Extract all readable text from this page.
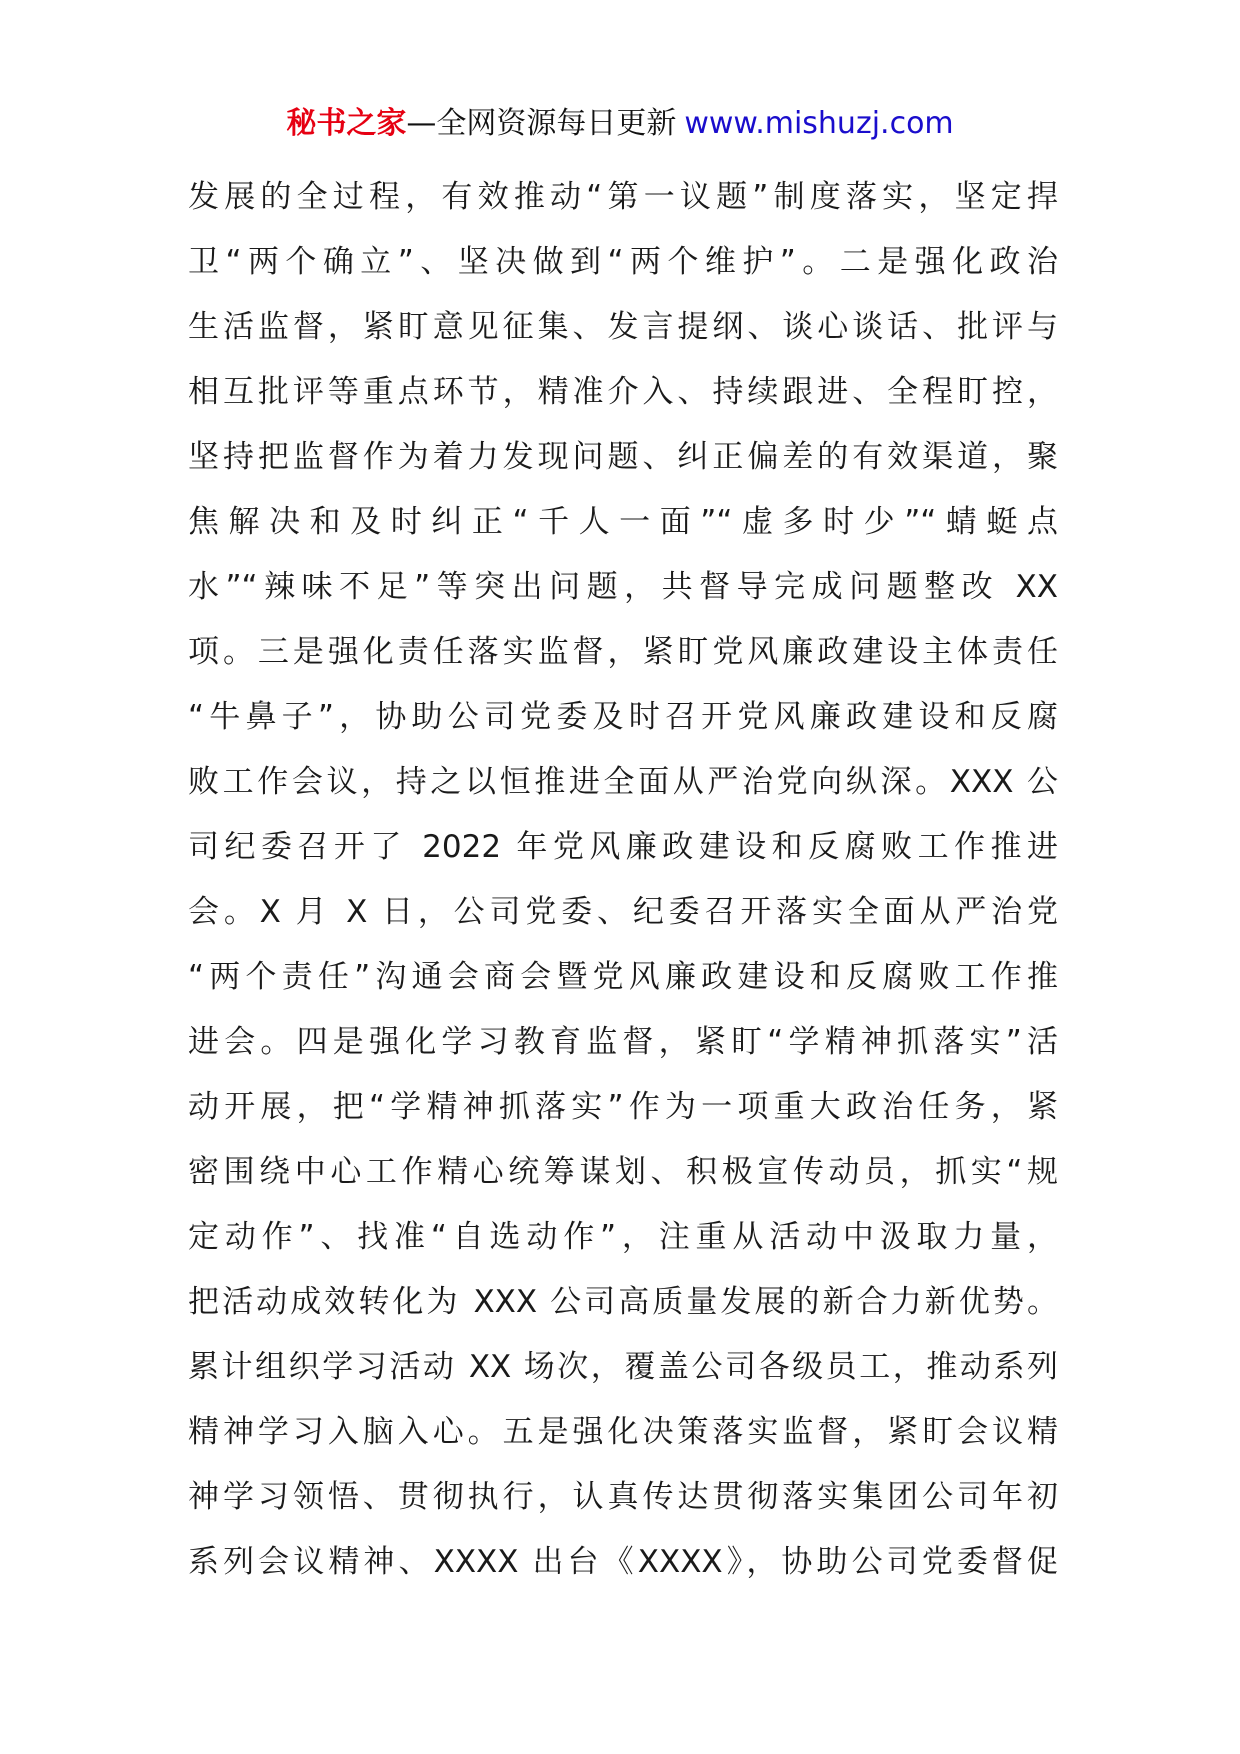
秘书之家—全网资源每日更新 www.mishuzj.com
发展的全过程，有效推动“第一议题”制度落实，坚定捍
卫“两个确立”、坚决做到“两个维护”。二是强化政治
生活监督，紧盯意见征集、发言提纲、谈心谈话、批评与
相互批评等重点环节，精准介入、持续跟进、全程盯控，
坚持把监督作为着力发现问题、纠正偏差的有效渠道，聚
焦解决和及时纠正“千人一面”“虚多时少”“蜻蜓点
水”“辣味不足”等突出问题，共督导完成问题整改 XX
项。三是强化责任落实监督，紧盯党风廉政建设主体责任
“牛鼻子”，协助公司党委及时召开党风廉政建设和反腐
败工作会议，持之以恒推进全面从严治党向纵深。XXX 公
司纪委召开了 2022 年党风廉政建设和反腐败工作推进
会。X 月 X 日，公司党委、纪委召开落实全面从严治党
“两个责任”沟通会商会暨党风廉政建设和反腐败工作推
进会。四是强化学习教育监督，紧盯“学精神抓落实”活
动开展，把“学精神抓落实”作为一项重大政治任务，紧
密围绕中心工作精心统筹谋划、积极宣传动员，抓实“规
定动作”、找准“自选动作”，注重从活动中汲取力量，
把活动成效转化为 XXX 公司高质量发展的新合力新优势。
累计组织学习活动 XX 场次，覆盖公司各级员工，推动系列
精神学习入脑入心。五是强化决策落实监督，紧盯会议精
神学习领悟、贯彻执行，认真传达贯彻落实集团公司年初
系列会议精神、XXXX 出台《XXXX》，协助公司党委督促
